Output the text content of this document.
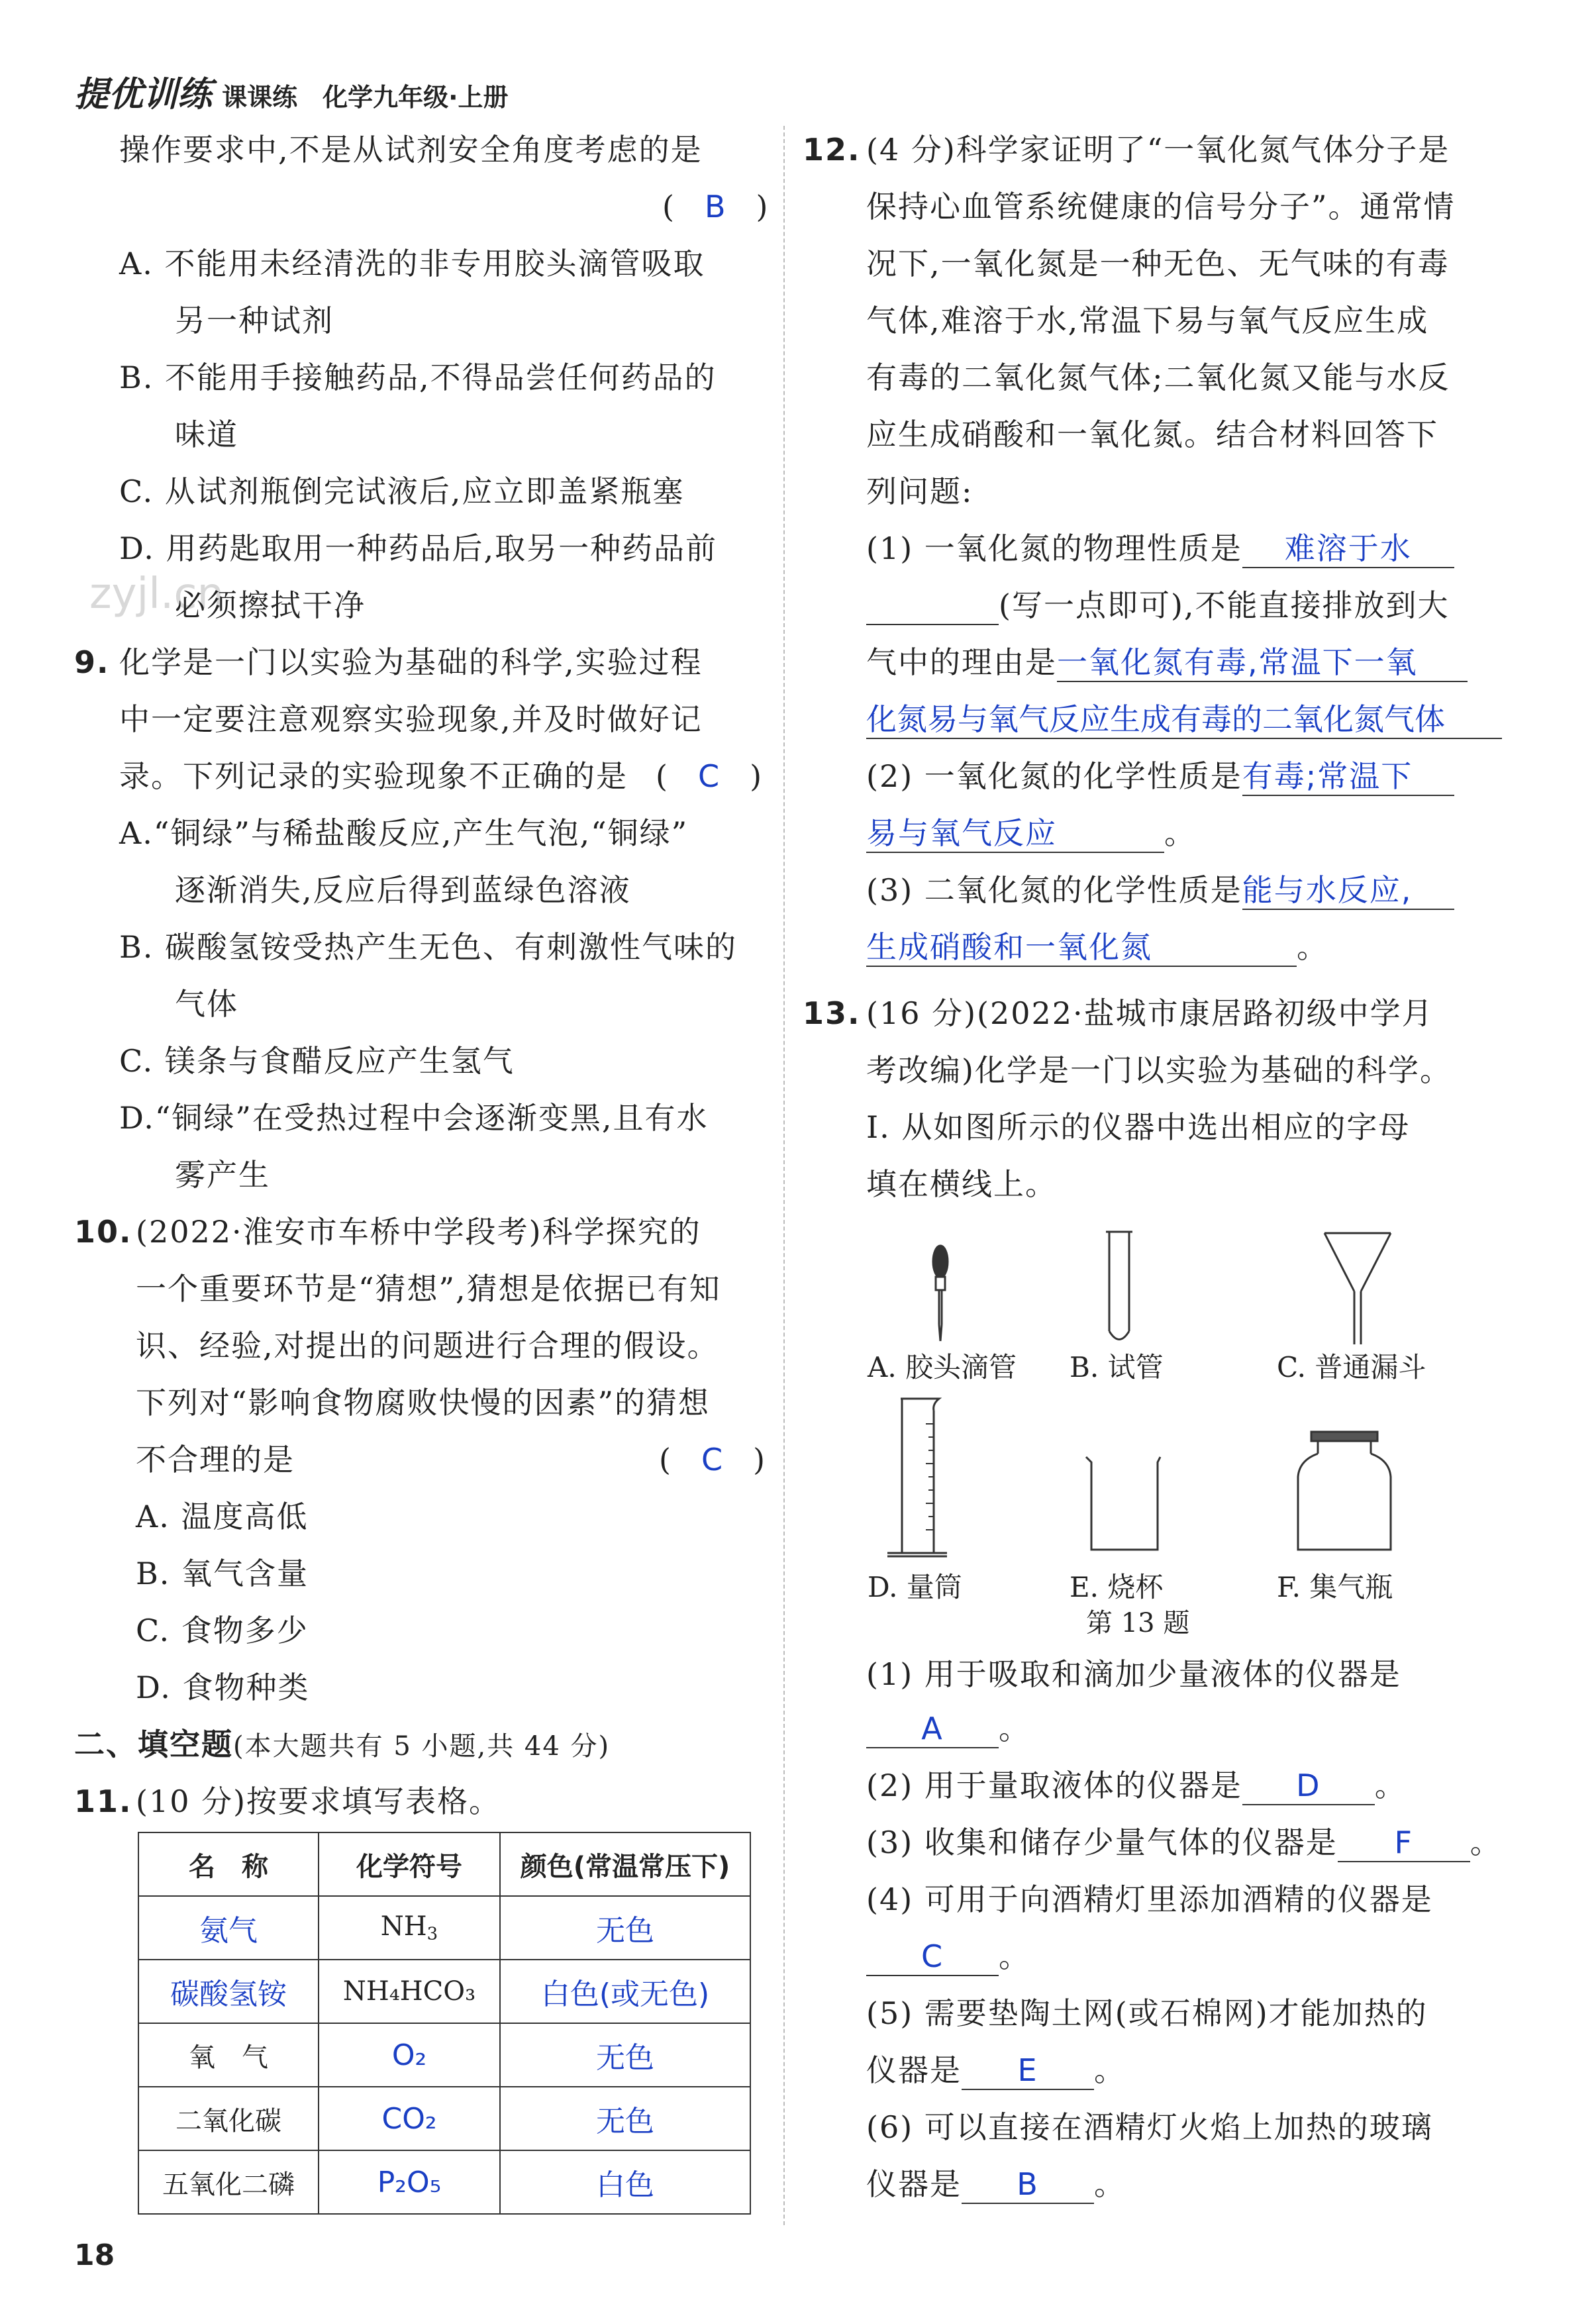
提优训练 课课练　化学九年级·上册
zyjl.cn
操作要求中,不是从试剂安全角度考虑的是
(　B　)
A. 不能用未经清洗的非专用胶头滴管吸取
另一种试剂
B. 不能用手接触药品,不得品尝任何药品的
味道
C. 从试剂瓶倒完试液后,应立即盖紧瓶塞
D. 用药匙取用一种药品后,取另一种药品前
必须擦拭干净
9. 化学是一门以实验为基础的科学,实验过程
中一定要注意观察实验现象,并及时做好记
录。下列记录的实验现象不正确的是 (　C　)
A.“铜绿”与稀盐酸反应,产生气泡,“铜绿”
逐渐消失,反应后得到蓝绿色溶液
B. 碳酸氢铵受热产生无色、有刺激性气味的
气体
C. 镁条与食醋反应产生氢气
D.“铜绿”在受热过程中会逐渐变黑,且有水
雾产生
10. (2022·淮安市车桥中学段考)科学探究的
一个重要环节是“猜想”,猜想是依据已有知
识、经验,对提出的问题进行合理的假设。
下列对“影响食物腐败快慢的因素”的猜想
不合理的是	(　C　)
A. 温度高低
B. 氧气含量
C. 食物多少
D. 食物种类
二、填空题(本大题共有 5 小题,共 44 分)
11. (10 分)按要求填写表格。
名　称	化学符号	颜色(常温常压下)
氨气	$NH_3$	无色
碳酸氢铵	NH₄HCO₃	白色(或无色)
氧　气	O₂	无色
二氧化碳	CO₂	无色
五氧化二磷	P₂O₅	白色
18
12. (4 分)科学家证明了“一氧化氮气体分子是
保持心血管系统健康的信号分子”。通常情
况下,一氧化氮是一种无色、无气味的有毒
气体,难溶于水,常温下易与氧气反应生成
有毒的二氧化氮气体;二氧化氮又能与水反
应生成硝酸和一氧化氮。结合材料回答下
列问题:
(1) 一氧化氮的物理性质是 难溶于水
(写一点即可),不能直接排放到大
气中的理由是一氧化氮有毒,常温下一氧
化氮易与氧气反应生成有毒的二氧化氮气体
(2) 一氧化氮的化学性质是有毒;常温下
易与氧气反应	。
(3) 二氧化氮的化学性质是能与水反应,
生成硝酸和一氧化氮	。
13. (16 分)(2022·盐城市康居路初级中学月
考改编)化学是一门以实验为基础的科学。
Ⅰ. 从如图所示的仪器中选出相应的字母
填在横线上。
A. 胶头滴管 B. 试管	C. 普通漏斗
D. 量筒	E. 烧杯	F. 集气瓶
第 13 题
(1) 用于吸取和滴加少量液体的仪器是
A 。
(2) 用于量取液体的仪器是 D 。
(3) 收集和储存少量气体的仪器是 F 。
(4) 可用于向酒精灯里添加酒精的仪器是
C 。
(5) 需要垫陶土网(或石棉网)才能加热的
仪器是 E 。
(6) 可以直接在酒精灯火焰上加热的玻璃
仪器是 B 。
